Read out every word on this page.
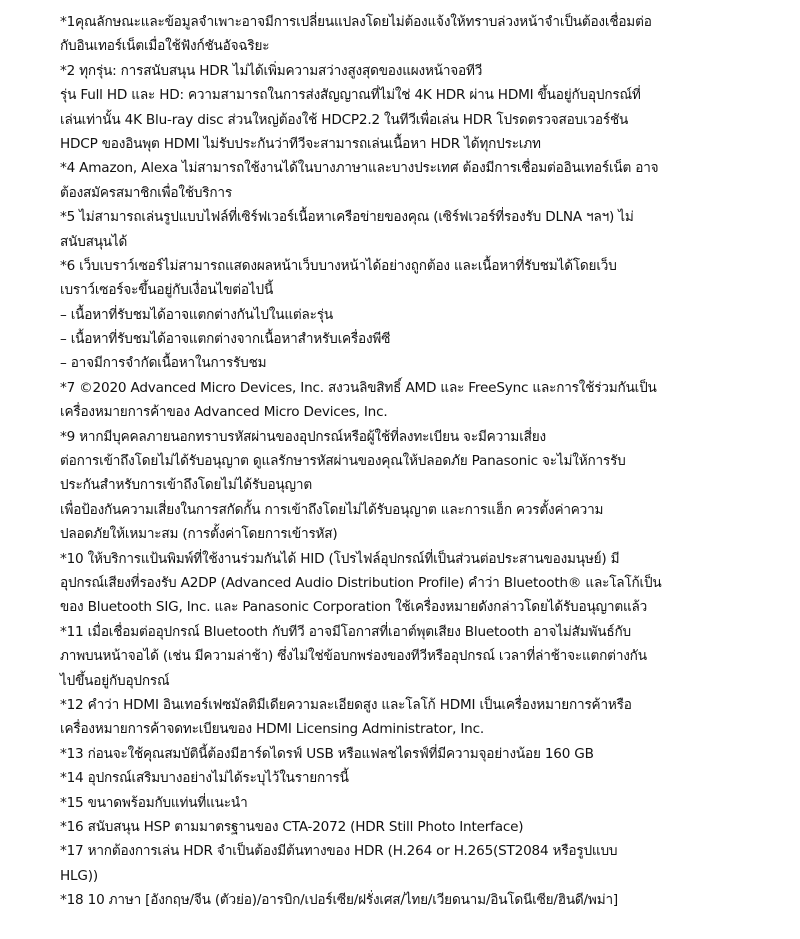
*1คุณลักษณะและข้อมูลจำเพาะอาจมีการเปลี่ยนแปลงโดยไม่ต้องแจ้งให้ทราบล่วงหน้าจำเป็นต้องเชื่อมต่อ
กับอินเทอร์เน็ตเมื่อใช้ฟังก์ชันอัจฉริยะ
*2 ทุกรุ่น: การสนับสนุน HDR ไม่ได้เพิ่มความสว่างสูงสุดของแผงหน้าจอทีวี
รุ่น Full HD และ HD: ความสามารถในการส่งสัญญาณที่ไม่ใช่ 4K HDR ผ่าน HDMI ขึ้นอยู่กับอุปกรณ์ที่
เล่นเท่านั้น 4K Blu-ray disc ส่วนใหญ่ต้องใช้ HDCP2.2 ในทีวีเพื่อเล่น HDR โปรดตรวจสอบเวอร์ชัน
HDCP ของอินพุต HDMI ไม่รับประกันว่าทีวีจะสามารถเล่นเนื้อหา HDR ได้ทุกประเภท
*4 Amazon, Alexa ไม่สามารถใช้งานได้ในบางภาษาและบางประเทศ ต้องมีการเชื่อมต่ออินเทอร์เน็ต อาจ
ต้องสมัครสมาชิกเพื่อใช้บริการ
*5 ไม่สามารถเล่นรูปแบบไฟล์ที่เซิร์ฟเวอร์เนื้อหาเครือข่ายของคุณ (เซิร์ฟเวอร์ที่รองรับ DLNA ฯลฯ) ไม่
สนับสนุนได้
*6 เว็บเบราว์เซอร์ไม่สามารถแสดงผลหน้าเว็บบางหน้าได้อย่างถูกต้อง และเนื้อหาที่รับชมได้โดยเว็บ
เบราว์เซอร์จะขึ้นอยู่กับเงื่อนไขต่อไปนี้
– เนื้อหาที่รับชมได้อาจแตกต่างกันไปในแต่ละรุ่น
– เนื้อหาที่รับชมได้อาจแตกต่างจากเนื้อหาสำหรับเครื่องพีซี
– อาจมีการจำกัดเนื้อหาในการรับชม
*7 ©2020 Advanced Micro Devices, Inc. สงวนลิขสิทธิ์ AMD และ FreeSync และการใช้ร่วมกันเป็น
เครื่องหมายการค้าของ Advanced Micro Devices, Inc.
*9 หากมีบุคคลภายนอกทราบรหัสผ่านของอุปกรณ์หรือผู้ใช้ที่ลงทะเบียน จะมีความเสี่ยง
ต่อการเข้าถึงโดยไม่ได้รับอนุญาต ดูแลรักษารหัสผ่านของคุณให้ปลอดภัย Panasonic จะไม่ให้การรับ
ประกันสำหรับการเข้าถึงโดยไม่ได้รับอนุญาต
เพื่อป้องกันความเสี่ยงในการสกัดกั้น การเข้าถึงโดยไม่ได้รับอนุญาต และการแฮ็ก ควรตั้งค่าความ
ปลอดภัยให้เหมาะสม (การตั้งค่าโดยการเข้ารหัส)
*10 ให้บริการแป้นพิมพ์ที่ใช้งานร่วมกันได้ HID (โปรไฟล์อุปกรณ์ที่เป็นส่วนต่อประสานของมนุษย์) มี
อุปกรณ์เสียงที่รองรับ A2DP (Advanced Audio Distribution Profile) คำว่า Bluetooth® และโลโก้เป็น
ของ Bluetooth SIG, Inc. และ Panasonic Corporation ใช้เครื่องหมายดังกล่าวโดยได้รับอนุญาตแล้ว
*11 เมื่อเชื่อมต่ออุปกรณ์ Bluetooth กับทีวี อาจมีโอกาสที่เอาต์พุตเสียง Bluetooth อาจไม่สัมพันธ์กับ
ภาพบนหน้าจอได้ (เช่น มีความล่าช้า) ซึ่งไม่ใช่ข้อบกพร่องของทีวีหรืออุปกรณ์ เวลาที่ล่าช้าจะแตกต่างกัน
ไปขึ้นอยู่กับอุปกรณ์
*12 คำว่า HDMI อินเทอร์เฟซมัลติมีเดียความละเอียดสูง และโลโก้ HDMI เป็นเครื่องหมายการค้าหรือ
เครื่องหมายการค้าจดทะเบียนของ HDMI Licensing Administrator, Inc.
*13 ก่อนจะใช้คุณสมบัตินี้ต้องมีฮาร์ดไดรฟ์ USB หรือแฟลชไดรฟ์ที่มีความจุอย่างน้อย 160 GB
*14 อุปกรณ์เสริมบางอย่างไม่ได้ระบุไว้ในรายการนี้
*15 ขนาดพร้อมกับแท่นที่แนะนำ
*16 สนับสนุน HSP ตามมาตรฐานของ CTA-2072 (HDR Still Photo Interface)
*17 หากต้องการเล่น HDR จำเป็นต้องมีต้นทางของ HDR (H.264 or H.265(ST2084 หรือรูปแบบ
HLG))
*18 10 ภาษา [อังกฤษ/จีน (ตัวย่อ)/อารบิก/เปอร์เซีย/ฝรั่งเศส/ไทย/เวียดนาม/อินโดนีเซีย/ฮินดี/พม่า]
